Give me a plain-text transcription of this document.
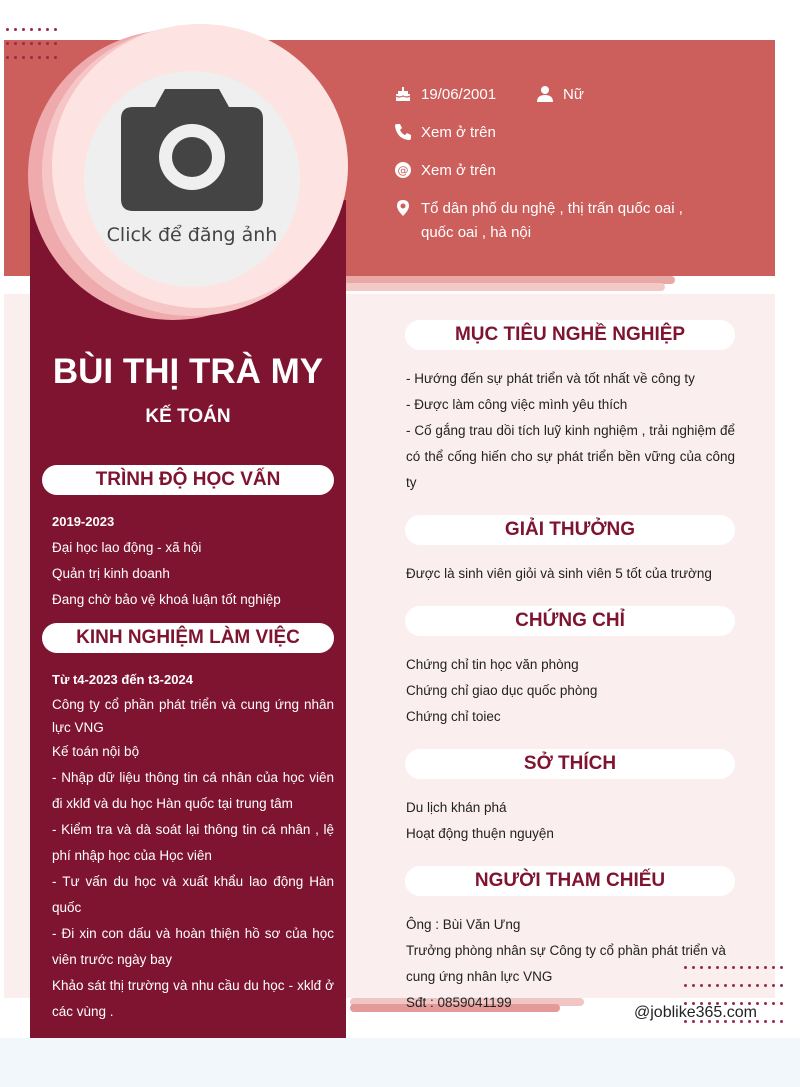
Click để đăng ảnh
19/06/2001	Nữ
Xem ở trên
@ Xem ở trên
Tổ dân phố du nghệ , thị trấn quốc oai ,
quốc oai , hà nội
BÙI THỊ TRÀ MY
KẾ TOÁN
TRÌNH ĐỘ HỌC VẤN
2019-2023
Đại học lao động - xã hội
Quản trị kinh doanh
Đang chờ bảo vệ khoá luận tốt nghiệp
KINH NGHIỆM LÀM VIỆC
Từ t4-2023 đến t3-2024
Công ty cổ phần phát triển và cung ứng nhân lực VNG
Kế toán nội bộ
- Nhập dữ liệu thông tin cá nhân của học viên đi xklđ và du học Hàn quốc tại trung tâm
- Kiểm tra và dà soát lại thông tin cá nhân , lệ phí nhập học của Học viên
- Tư vấn du học và xuất khẩu lao động Hàn quốc
- Đi xin con dấu và hoàn thiện hồ sơ của học viên trước ngày bay
Khảo sát thị trường và nhu cầu du học - xklđ ở các vùng .
MỤC TIÊU NGHỀ NGHIỆP
- Hướng đến sự phát triển và tốt nhất về công ty
- Được làm công việc mình yêu thích
- Cố gắng trau dồi tích luỹ kinh nghiệm , trải nghiệm để có thể cống hiến cho sự phát triển bền vững của công ty
GIẢI THƯỞNG
Được là sinh viên giỏi và sinh viên 5 tốt của trường
CHỨNG CHỈ
Chứng chỉ tin học văn phòng
Chứng chỉ giao dục quốc phòng
Chứng chỉ toiec
SỞ THÍCH
Du lịch khán phá
Hoạt động thuện nguyện
NGƯỜI THAM CHIẾU
Ông : Bùi Văn Ưng
Trưởng phòng nhân sự Công ty cổ phần phát triển và cung ứng nhân lực VNG
Sđt : 0859041199
@joblike365.com
